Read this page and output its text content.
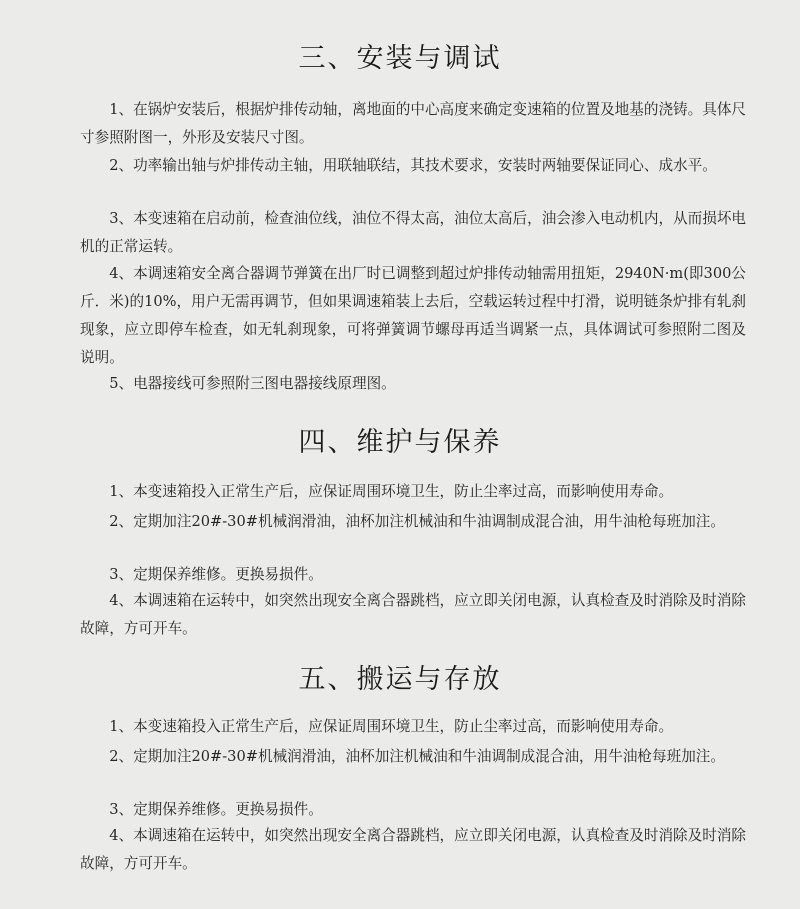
三、安装与调试

1、在锅炉安装后，根据炉排传动轴，离地面的中心高度来确定变速箱的位置及地基的浇铸。具体尺寸参照附图一，外形及安装尺寸图。

2、功率输出轴与炉排传动主轴，用联轴联结，其技术要求，安装时两轴要保证同心、成水平。

3、本变速箱在启动前，检查油位线，油位不得太高，油位太高后，油会渗入电动机内，从而损坏电机的正常运转。

4、本调速箱安全离合器调节弹簧在出厂时已调整到超过炉排传动轴需用扭矩，2940N·m(即300公斤．米)的10%，用户无需再调节，但如果调速箱装上去后，空载运转过程中打滑，说明链条炉排有轧刹现象，应立即停车检查，如无轧刹现象，可将弹簧调节螺母再适当调紧一点，具体调试可参照附二图及说明。

5、电器接线可参照附三图电器接线原理图。

四、维护与保养

1、本变速箱投入正常生产后，应保证周围环境卫生，防止尘率过高，而影响使用寿命。

2、定期加注20#-30#机械润滑油，油杯加注机械油和牛油调制成混合油，用牛油枪每班加注。

3、定期保养维修。更换易损件。

4、本调速箱在运转中，如突然出现安全离合器跳档，应立即关闭电源，认真检查及时消除及时消除故障，方可开车。

五、搬运与存放

1、本变速箱投入正常生产后，应保证周围环境卫生，防止尘率过高，而影响使用寿命。

2、定期加注20#-30#机械润滑油，油杯加注机械油和牛油调制成混合油，用牛油枪每班加注。

3、定期保养维修。更换易损件。

4、本调速箱在运转中，如突然出现安全离合器跳档，应立即关闭电源，认真检查及时消除及时消除故障，方可开车。
